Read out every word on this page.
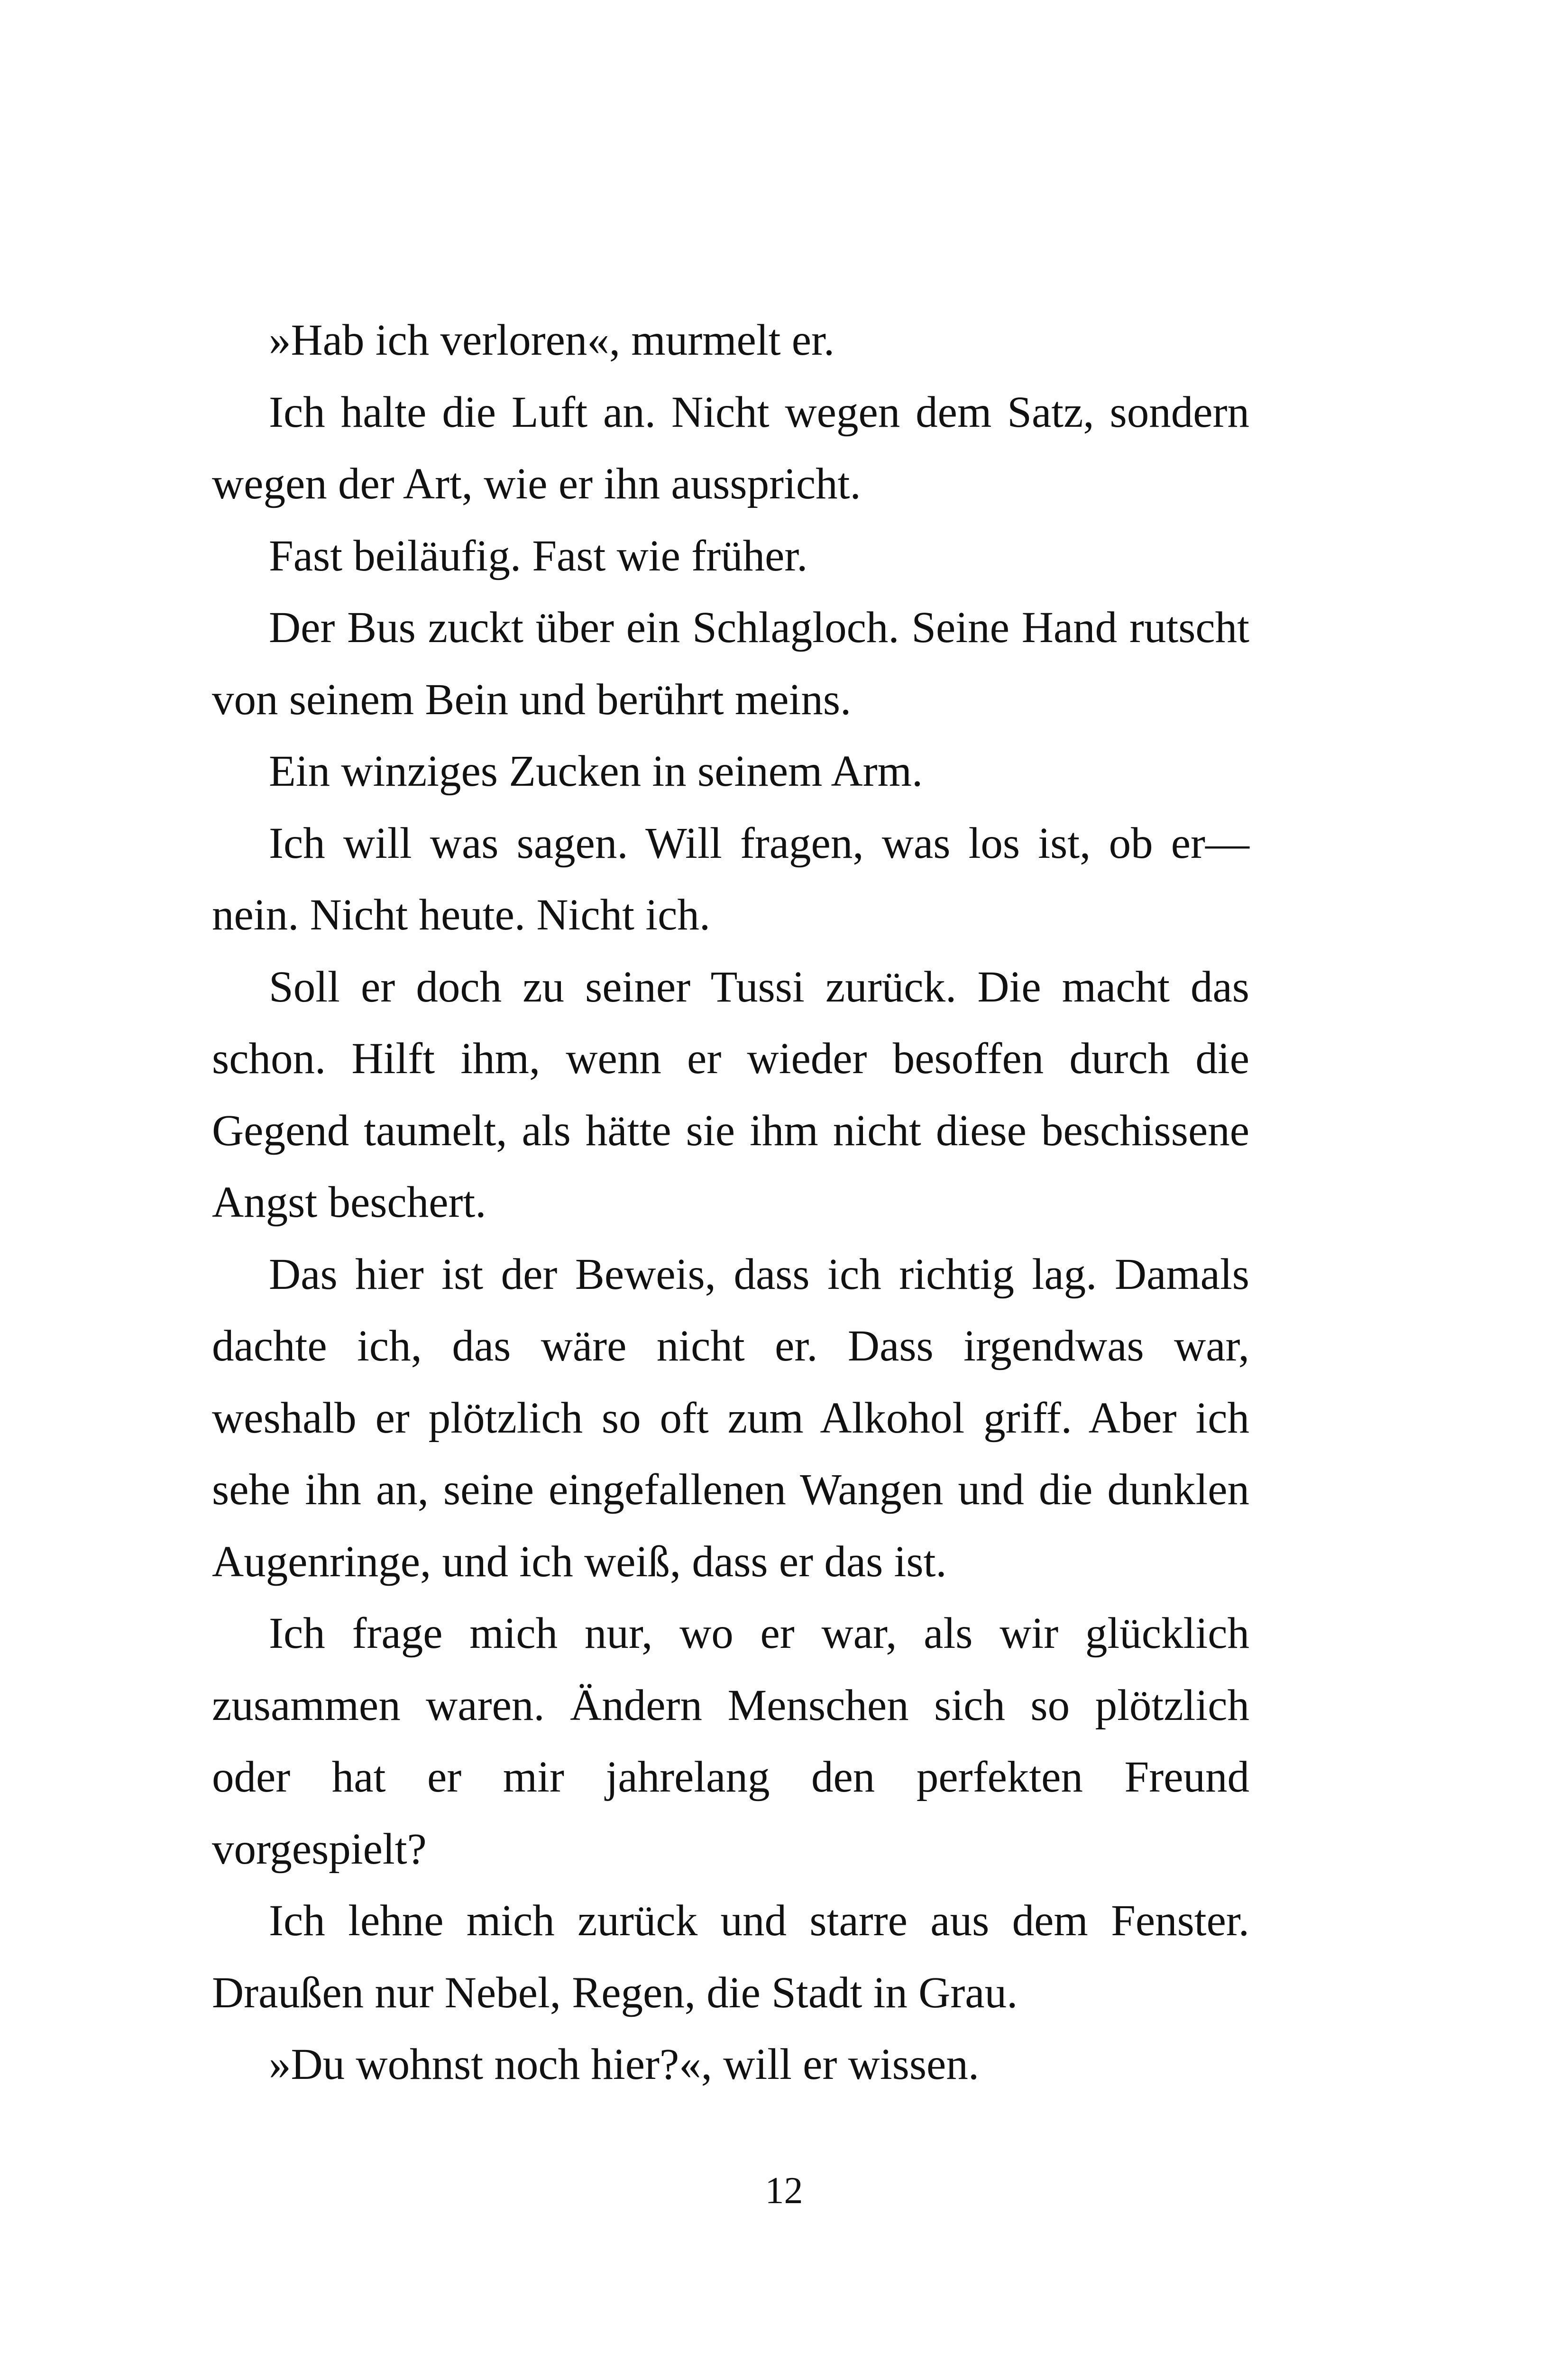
»Hab ich verloren«, murmelt er.

Ich halte die Luft an. Nicht wegen dem Satz, sondern wegen der Art, wie er ihn ausspricht.

Fast beiläufig. Fast wie früher.

Der Bus zuckt über ein Schlagloch. Seine Hand rutscht von seinem Bein und berührt meins.

Ein winziges Zucken in seinem Arm.

Ich will was sagen. Will fragen, was los ist, ob er— nein. Nicht heute. Nicht ich.

Soll er doch zu seiner Tussi zurück. Die macht das schon. Hilft ihm, wenn er wieder besoffen durch die Gegend taumelt, als hätte sie ihm nicht diese beschissene Angst beschert.

Das hier ist der Beweis, dass ich richtig lag. Damals dachte ich, das wäre nicht er. Dass irgendwas war, weshalb er plötzlich so oft zum Alkohol griff. Aber ich sehe ihn an, seine eingefallenen Wangen und die dunklen Augenringe, und ich weiß, dass er das ist.

Ich frage mich nur, wo er war, als wir glücklich zusammen waren. Ändern Menschen sich so plötzlich oder hat er mir jahrelang den perfekten Freund vorgespielt?

Ich lehne mich zurück und starre aus dem Fenster. Draußen nur Nebel, Regen, die Stadt in Grau.

»Du wohnst noch hier?«, will er wissen.

12
